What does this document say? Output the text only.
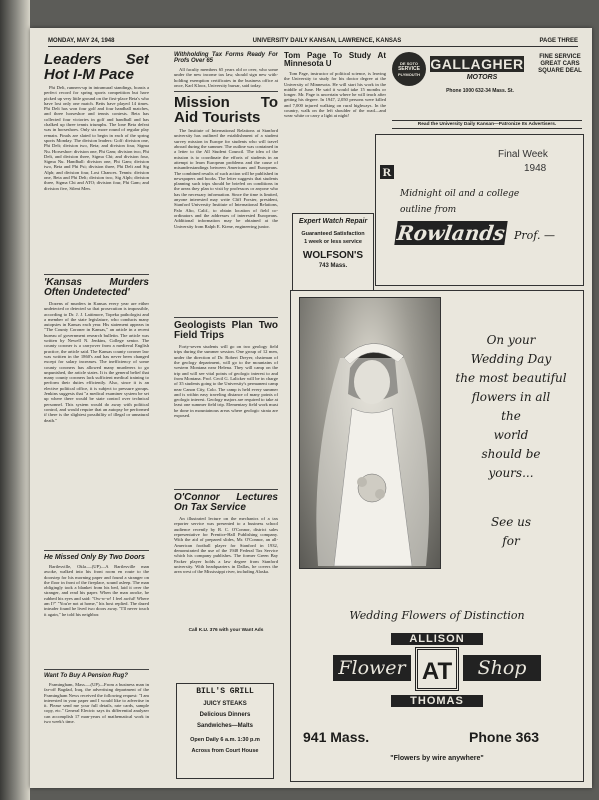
MONDAY, MAY 24, 1948	UNIVERSITY DAILY KANSAN, LAWRENCE, KANSAS	PAGE THREE
Leaders Set Hot I-M Pace

Phi Delt, runners-up in intramural standings, boasts a perfect record for spring sports competition but have picked up very little ground on the first-place Beta's who have lost only one match. Betts have played 14 times. Phi Delt has won four golf and four handball matches, and three horseshoe and tennis contests. Beta has collected four victories in golf and handball and has chalked up three tennis triumphs. The lone Beta defeat was in horseshoes. Only six more round of regular play remain. Finals are slated to begin in each of the spring sports Monday. The division leaders: Golf: division one, Phi Delt; division two, Beta; and division four, Sigma Nu. Horseshoe: division one, Phi Gam; division two, Phi Delt, and division three, Sigma Chi; and division four, Sigma Nu. Handball: division one, Phi Gam; division two, Beta and Phi Psi; division three, Phi Delt and Sig Alph; and division four, Lost Chances. Tennis: division one, Beta and Phi Delt; division two, Sig Alph; division three, Sigma Chi and ATO; division four, Phi Gam; and division five, Silent Men.

'Kansas Murders Often Undetected'

Dozens of murders in Kansas every year are either undetected or detected so that prosecution is impossible, according to Dr. J. J. Lattimore, Topeka pathologist and a member of the state legislature, who conducts many autopsies in Kansas each year. His statement appears in "The County Coroner in Kansas," an article in a recent bureau of government research bulletin. The article was written by Newell N. Jenkins, College senior. The county coroner is a carryover from a medieval English practice, the article said. The Kansas county coroner law was written in the 1860's and has never been changed except for salary increases. The inefficiency of some county coroners has allowed many murderers to go unpunished, the article states. It is the general belief that many county coroners lack sufficient medical training to perform their duties efficiently. Also, since it is an elective political office, it is subject to pressure groups. Jenkins suggests that "a medical examiner system be set up where there would be state control over technical personnel. This system would do away with political control, and would require that an autopsy be performed if there is the slightest possibility of illegal or unnatural death."

He Missed Only By Two Doors

Bartlesville, Okla.—(UP)—A Bartlesville man awoke, walked into his front room en route to the doorstep for his morning paper and found a stranger on the floor in front of the fireplace, sound asleep. The man obligingly took a blanket from his bed, laid it over the stranger, and read his paper. When the man awoke, he rubbed his eyes and said: "Ow-w-w! I feel awful! Where am I?" "You're not at home," his host replied. The dazed intruder found he lived two doors away. "I'll never touch it again," he told his neighbor.

Want To Buy A Pension Rug?

Framingham, Mass.—(UP)—From a business man in far-off Bagdad, Iraq, the advertising department of the Framingham News received the following request: "I am interested in your paper and I would like to advertise in it. Please send me your full details, rate cards, sample copy, etc." General Electric says its differential analyzer can accomplish 17 man-years of mathematical work in two week's time.

Withholding Tax Forms Ready For Profs Over 65

All faculty members 65 years old or over, who some under the new income tax law, should sign new with-holding exemption certificates in the business office at once, Karl Klooz, University bursar, said today.

Mission To Aid Tourists

The Institute of International Relations at Stanford university has outlined the establishment of a student survey mission in Europe for students who will travel abroad during the summer. The outline was contained in a letter to the All Student Council. The idea of the mission is to coordinate the efforts of students in an attempt to learn European problems and the cause of misunderstandings between Americans and Europeans. The combined results of such action will be published in newspapers and books. The letter suggests that students planning such trips should be briefed on conditions in the areas they plan to visit by professors or anyone who has the necessary information. Since the time is limited, anyone interested may write Cliff Forster, president, Stanford University Institute of International Relations, Palo Alto, Calif., to obtain location of field co-ordinators and the addresses of interested Europeans. Additional information may be obtained at the University from Ralph E. Kiene, engineering junior.

Geologists Plan Two Field Trips

Forty-seven students will go on two geology field trips during the summer session. One group of 12 men, under the direction of Dr. Robert Dreyer, chairman of the geology department, will go to the mountains of western Montana near Helena. They will camp on the trip and will see vital points of geologic interest to and from Montana. Prof. Cecil G. Lalicker will be in charge of 35 students going to the University's permanent camp near Canon City, Colo. The camp is held every summer and is within easy traveling distance of many points of geologic interest. Geology majors are required to take at least one summer field trip. Elementary field work must be done in mountainous areas where geologic strata are exposed.

O'Connor Lectures On Tax Service

An illustrated lecture on the mechanics of a tax reporter service was presented to a business school audience recently by R. C. O'Connor, district sales representative for Prentice-Hall Publishing company. With the aid of prepared slides, Mr. O'Connor, an all-American football player for Stanford in 1932, demonstrated the use of the 1948 Federal Tax Service which his company publishes. The former Green Bay Packer player holds a law degree from Stanford university. With headquarters in Dallas, he covers the area west of the Mississippi river, including Alaska.

Call K.U. 376 with your Want Ads
BILL'S GRILL
JUICY STEAKS
Delicious Dinners
Sandwiches—Malts
Open Daily 6 a.m. 1:30 p.m
Across from Court House
Tom Page To Study At Minnesota U

Tom Page, instructor of political science, is leaving the University to study for his doctor degree at the University of Minnesota. He will start his work in the middle of June. He said it would take 15 months or longer. Mr. Page is uncertain where he will teach after getting his degree. In 1947, 2,050 persons were killed and 7,000 injured walking on rural highways. In the country, walk on the left shoulder of the road—and wear white or carry a light at night!

Expert Watch Repair
Guaranteed Satisfaction
1 week or less service
WOLFSON'S
743 Mass.
DE SOTO
SERVICE
PLYMOUTH
GALLAGHER
MOTORS
Phone 1000 632-34 Mass. St.
FINE SERVICE
GREAT CARS
SQUARE DEAL
Read the University Daily Kansan—Patronize Its Advertisers.
Final Week
1948
R
Midnight oil and a college
outline from
Rowlands Prof. —
On your
Wedding Day
the most beautiful
flowers in all
the
world
should be
yours...
See us
for
Wedding Flowers of Distinction
ALLISON
Flower AT	Shop
THOMAS
941 Mass.	Phone 363
"Flowers by wire anywhere"
